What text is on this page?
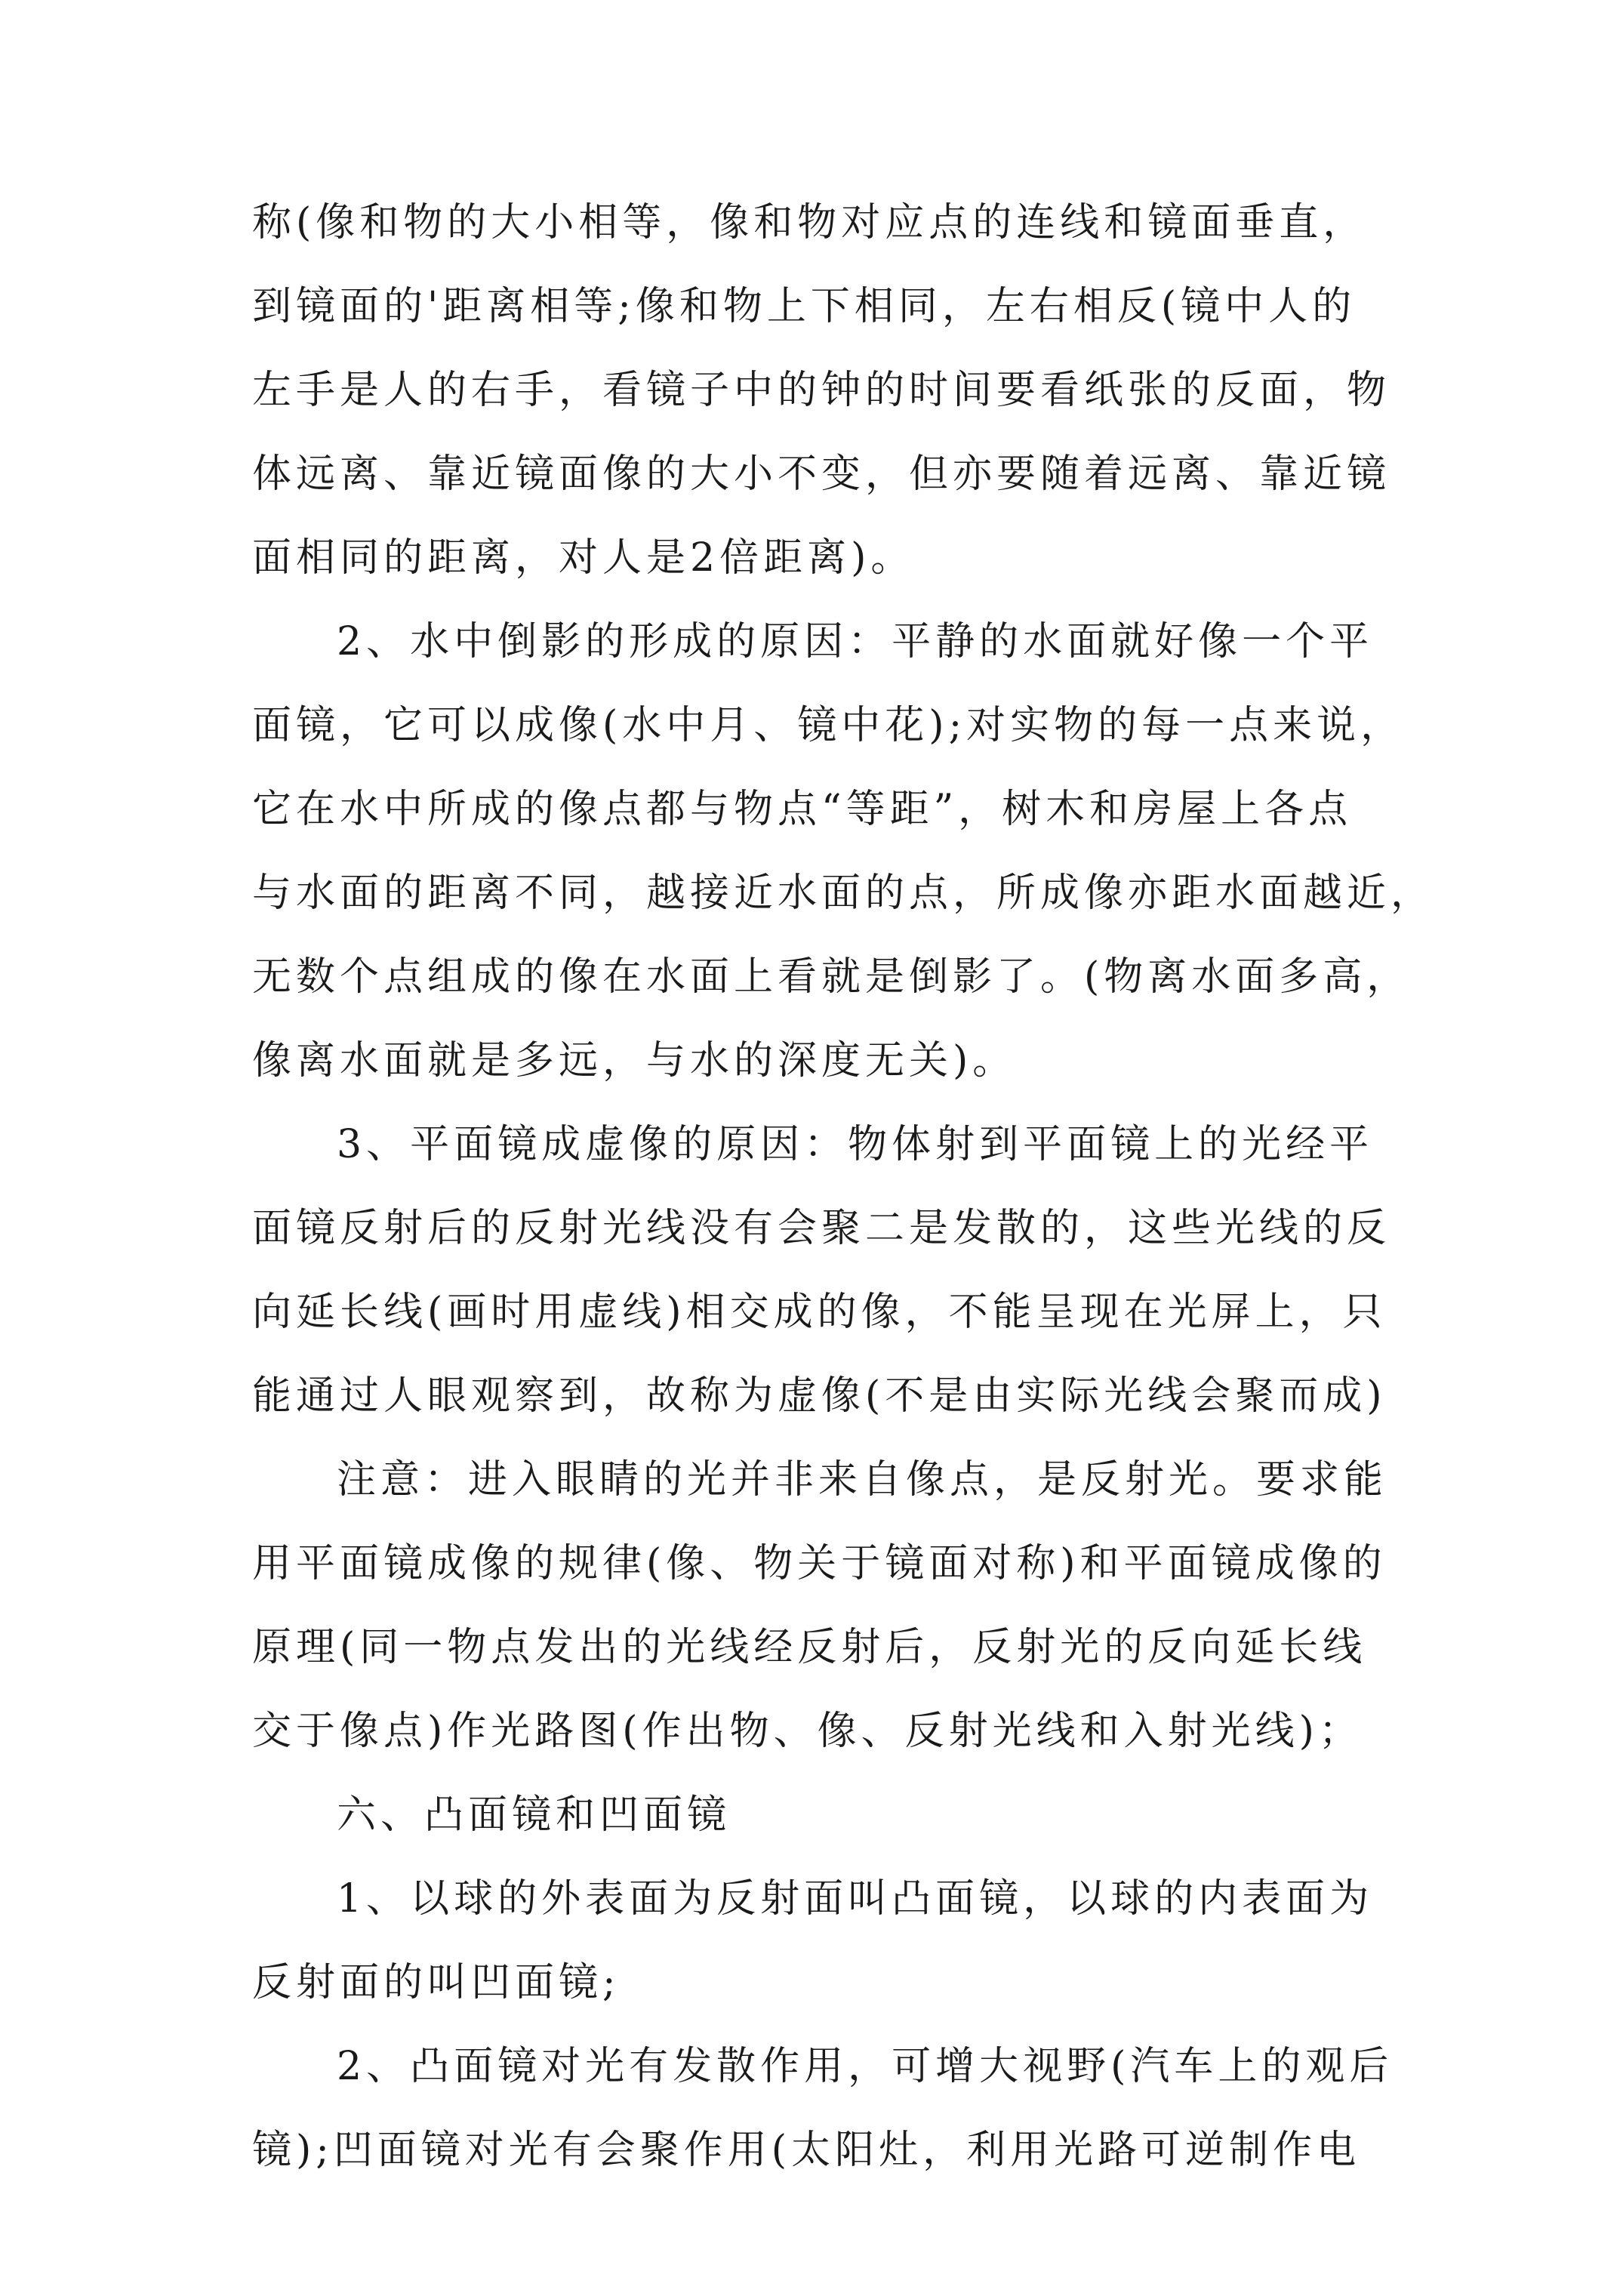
称(像和物的大小相等，像和物对应点的连线和镜面垂直，
到镜面的'距离相等;像和物上下相同，左右相反(镜中人的
左手是人的右手，看镜子中的钟的时间要看纸张的反面，物
体远离、靠近镜面像的大小不变，但亦要随着远离、靠近镜
面相同的距离，对人是2倍距离)。
2、水中倒影的形成的原因：平静的水面就好像一个平
面镜，它可以成像(水中月、镜中花);对实物的每一点来说，
它在水中所成的像点都与物点“等距”，树木和房屋上各点
与水面的距离不同，越接近水面的点，所成像亦距水面越近，
无数个点组成的像在水面上看就是倒影了。(物离水面多高，
像离水面就是多远，与水的深度无关)。
3、平面镜成虚像的原因：物体射到平面镜上的光经平
面镜反射后的反射光线没有会聚二是发散的，这些光线的反
向延长线(画时用虚线)相交成的像，不能呈现在光屏上，只
能通过人眼观察到，故称为虚像(不是由实际光线会聚而成)
注意：进入眼睛的光并非来自像点，是反射光。要求能
用平面镜成像的规律(像、物关于镜面对称)和平面镜成像的
原理(同一物点发出的光线经反射后，反射光的反向延长线
交于像点)作光路图(作出物、像、反射光线和入射光线)；
六、凸面镜和凹面镜
1、以球的外表面为反射面叫凸面镜，以球的内表面为
反射面的叫凹面镜;
2、凸面镜对光有发散作用，可增大视野(汽车上的观后
镜);凹面镜对光有会聚作用(太阳灶，利用光路可逆制作电
